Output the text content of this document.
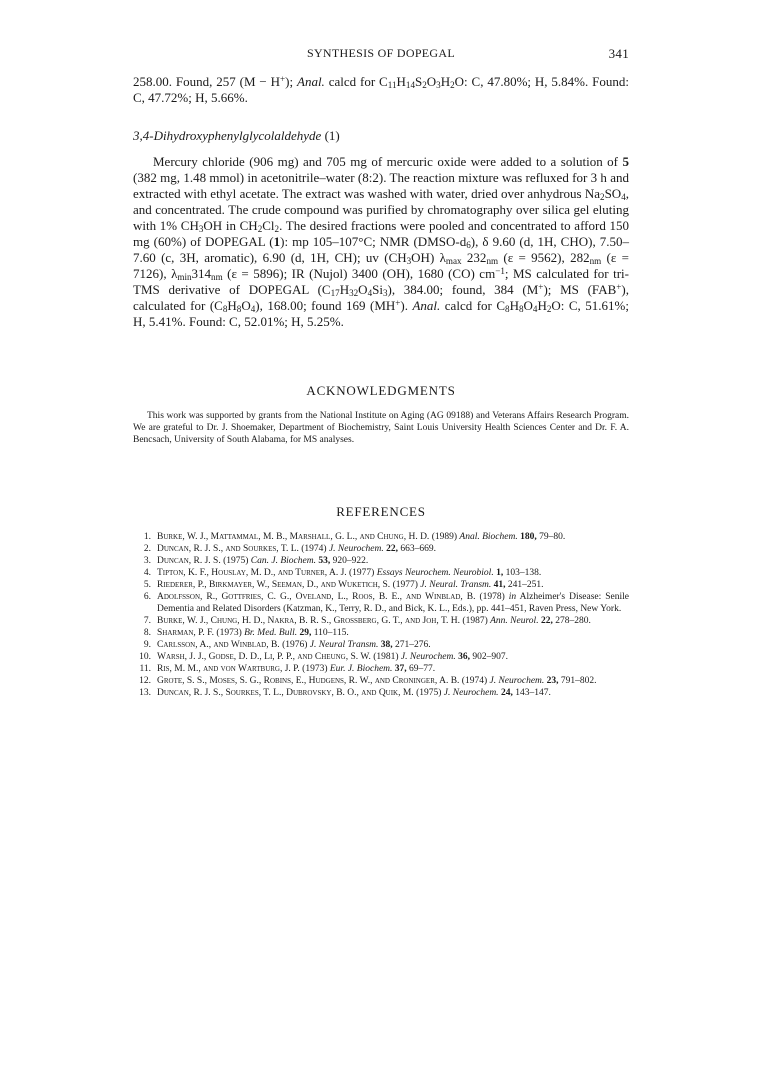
SYNTHESIS OF DOPEGAL	341
258.00. Found, 257 (M − H+); Anal. calcd for $C_{11}H_{14}S_2O_3H_2O$: C, 47.80%; H, 5.84%. Found: C, 47.72%; H, 5.66%.
3,4-Dihydroxyphenylglycolaldehyde (1)
Mercury chloride (906 mg) and 705 mg of mercuric oxide were added to a solution of 5 (382 mg, 1.48 mmol) in acetonitrile–water (8:2). The reaction mixture was refluxed for 3 h and extracted with ethyl acetate. The extract was washed with water, dried over anhydrous $Na_2SO_4$, and concentrated. The crude compound was purified by chromatography over silica gel eluting with 1% $CH_3OH$ in $CH_2Cl_2$. The desired fractions were pooled and concentrated to afford 150 mg (60%) of DOPEGAL (1): mp 105–107°C; NMR $(DMSO-d_6)$, δ 9.60 (d, 1H, CHO), 7.50–7.60 (c, 3H, aromatic), 6.90 (d, 1H, CH); uv $(CH_3OH)$ $\lambda_{max}$ $232_{nm}$ (ε = 9562), $282_{nm}$ (ε = 7126), $\lambda_{min}314_{nm}$ (ε = 5896); IR (Nujol) 3400 (OH), 1680 (CO) $cm^{-1}$; MS calculated for tri-TMS derivative of DOPEGAL $(C_{17}H_{32}O_4Si_3)$, 384.00; found, 384 (M+); MS (FAB+), calculated for $(C_8H_8O_4)$, 168.00; found 169 (MH+). Anal. calcd for $C_8H_8O_4H_2O$: C, 51.61%; H, 5.41%. Found: C, 52.01%; H, 5.25%.
ACKNOWLEDGMENTS
This work was supported by grants from the National Institute on Aging (AG 09188) and Veterans Affairs Research Program. We are grateful to Dr. J. Shoemaker, Department of Biochemistry, Saint Louis University Health Sciences Center and Dr. F. A. Bencsach, University of South Alabama, for MS analyses.
REFERENCES
1. Burke, W. J., Mattammal, M. B., Marshall, G. L., and Chung, H. D. (1989) Anal. Biochem. 180, 79–80.
2. Duncan, R. J. S., and Sourkes, T. L. (1974) J. Neurochem. 22, 663–669.
3. Duncan, R. J. S. (1975) Can. J. Biochem. 53, 920–922.
4. Tipton, K. F., Houslay, M. D., and Turner, A. J. (1977) Essays Neurochem. Neurobiol. 1, 103–138.
5. Riederer, P., Birkmayer, W., Seeman, D., and Wuketich, S. (1977) J. Neural. Transm. 41, 241–251.
6. Adolfsson, R., Gottfries, C. G., Oveland, L., Roos, B. E., and Winblad, B. (1978) in Alzheimer's Disease: Senile Dementia and Related Disorders (Katzman, K., Terry, R. D., and Bick, K. L., Eds.), pp. 441–451, Raven Press, New York.
7. Burke, W. J., Chung, H. D., Nakra, B. R. S., Grossberg, G. T., and Joh, T. H. (1987) Ann. Neurol. 22, 278–280.
8. Sharman, P. F. (1973) Br. Med. Bull. 29, 110–115.
9. Carlsson, A., and Winblad, B. (1976) J. Neural Transm. 38, 271–276.
10. Warsh, J. J., Godse, D. D., Li, P. P., and Cheung, S. W. (1981) J. Neurochem. 36, 902–907.
11. Ris, M. M., and von Wartburg, J. P. (1973) Eur. J. Biochem. 37, 69–77.
12. Grote, S. S., Moses, S. G., Robins, E., Hudgens, R. W., and Croninger, A. B. (1974) J. Neurochem. 23, 791–802.
13. Duncan, R. J. S., Sourkes, T. L., Dubrovsky, B. O., and Quik, M. (1975) J. Neurochem. 24, 143–147.
